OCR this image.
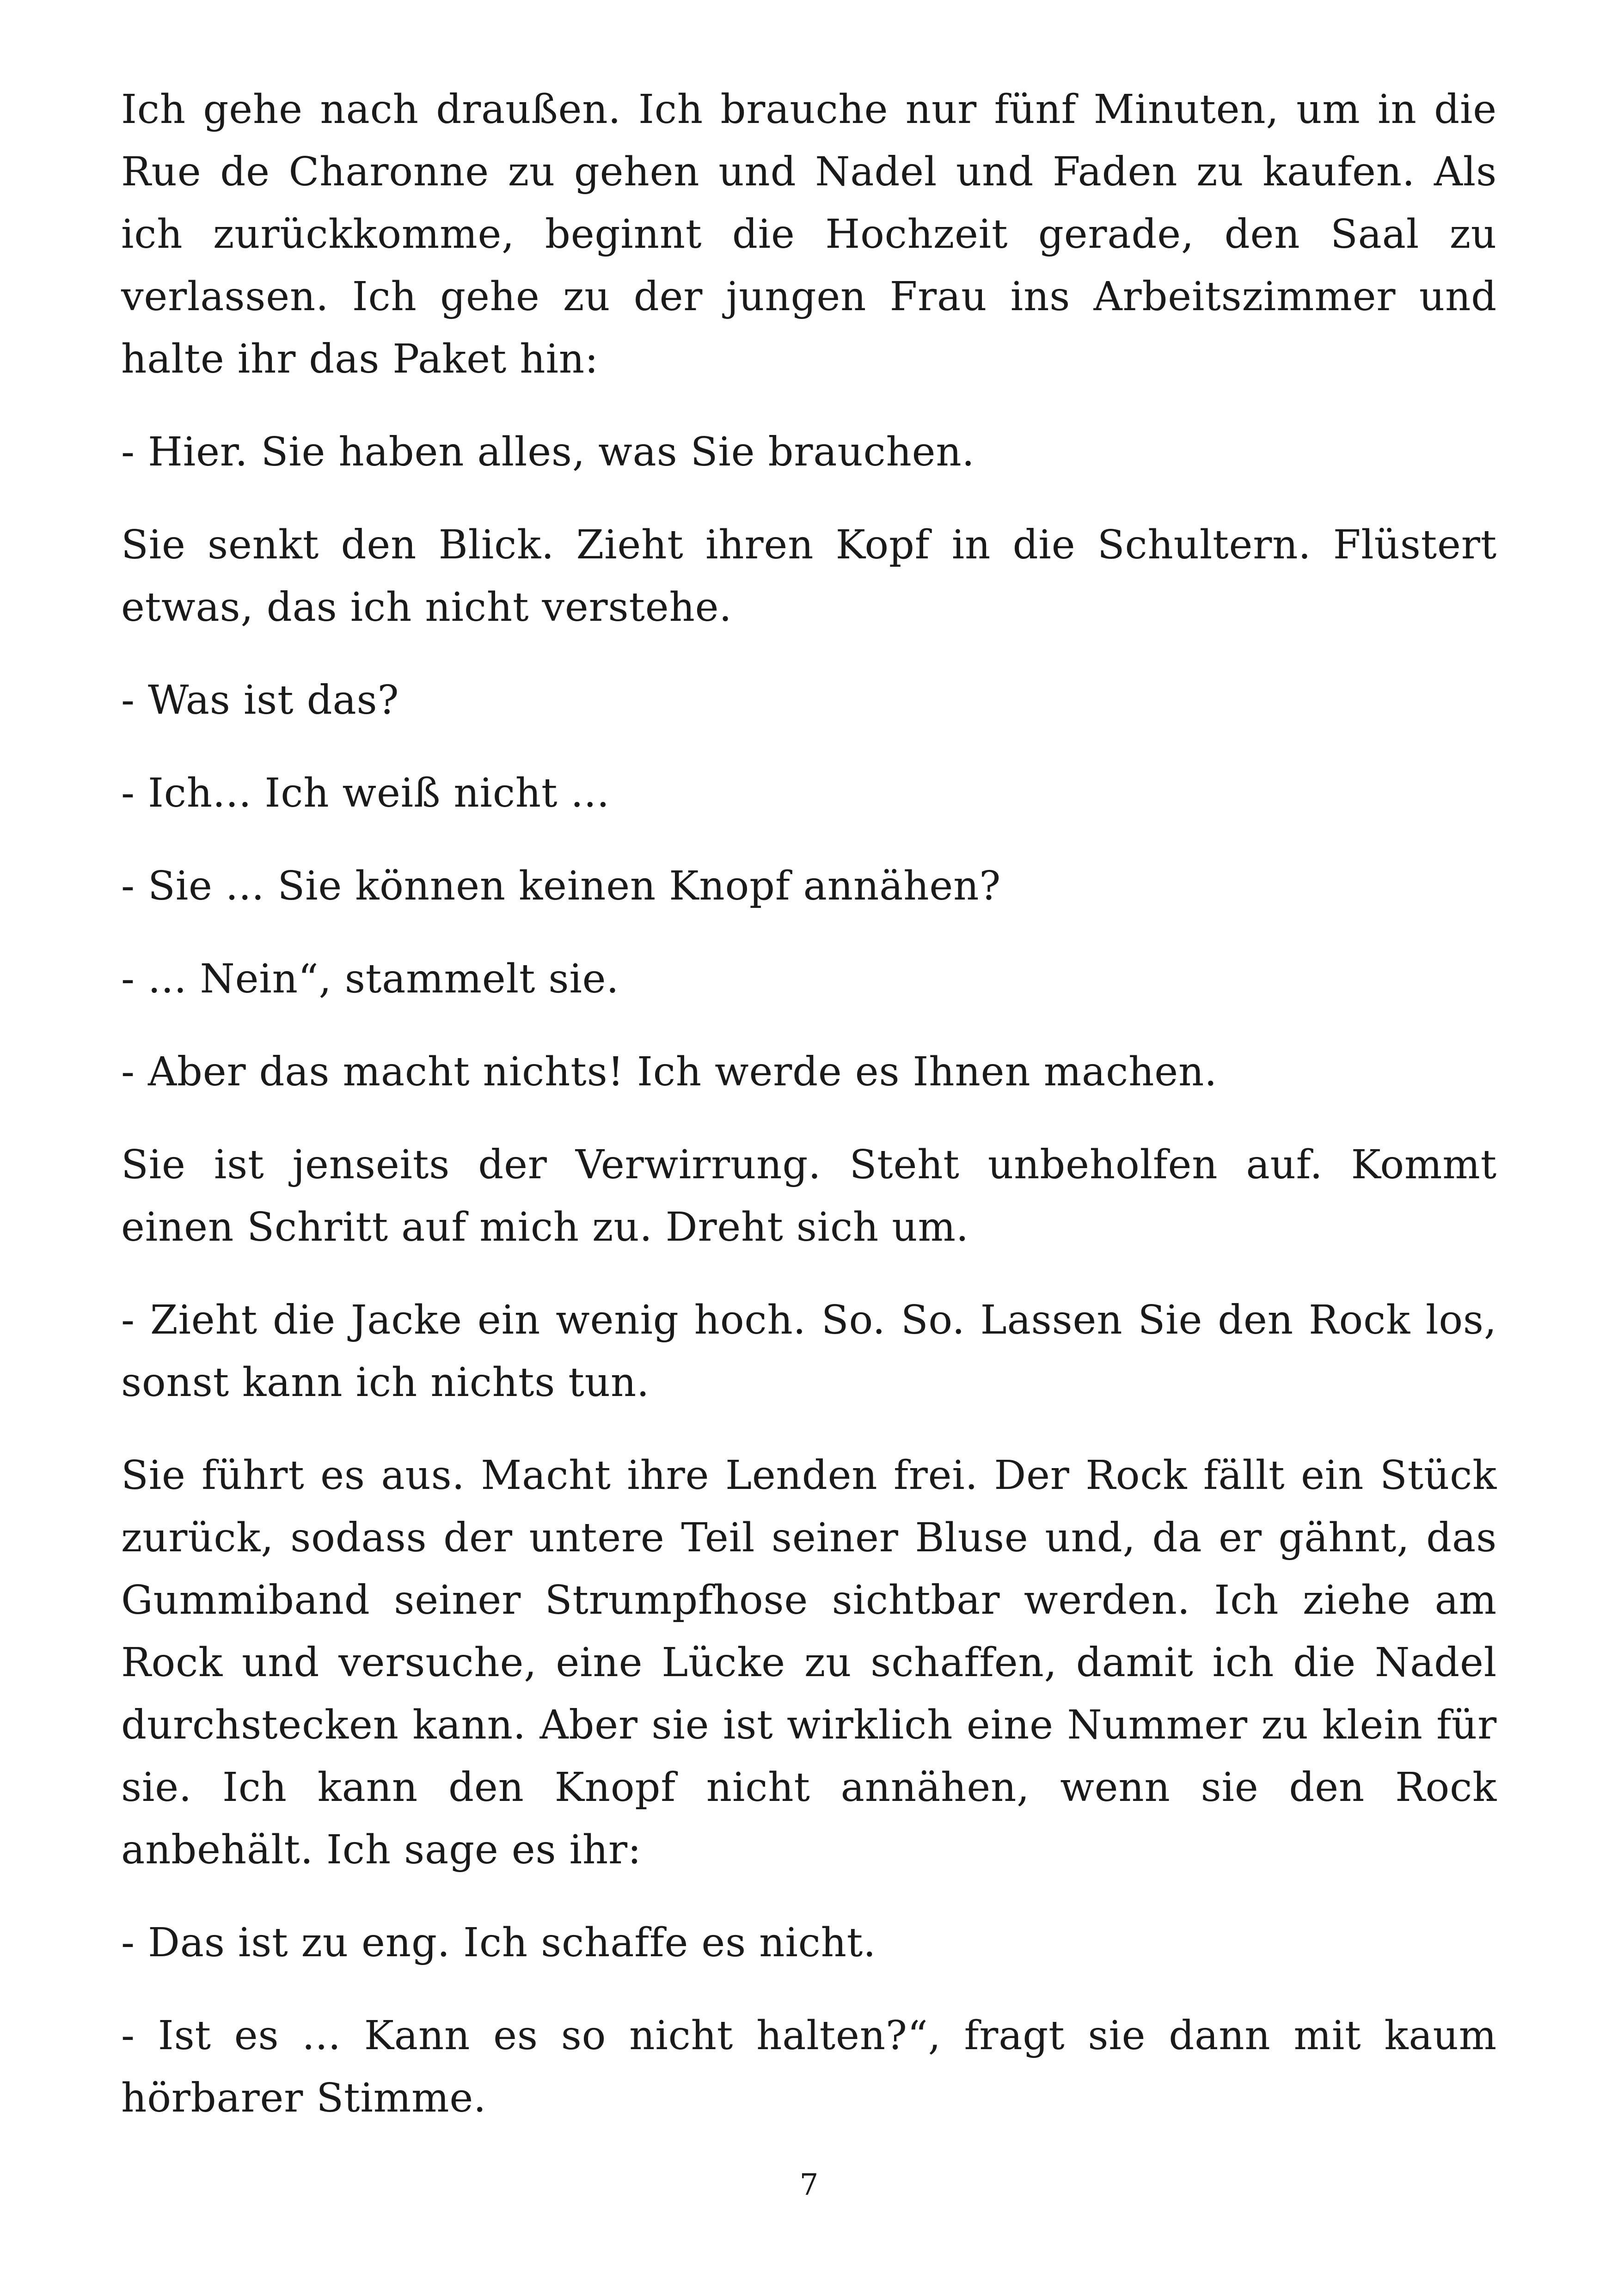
Ich gehe nach draußen. Ich brauche nur fünf Minuten, um in die Rue de Charonne zu gehen und Nadel und Faden zu kaufen. Als ich zurückkomme, beginnt die Hochzeit gerade, den Saal zu verlassen. Ich gehe zu der jungen Frau ins Arbeitszimmer und halte ihr das Paket hin:

- Hier. Sie haben alles, was Sie brauchen.

Sie senkt den Blick. Zieht ihren Kopf in die Schultern. Flüstert etwas, das ich nicht verstehe.

- Was ist das?

- Ich... Ich weiß nicht ...

- Sie ... Sie können keinen Knopf annähen?

- ... Nein“, stammelt sie.

- Aber das macht nichts! Ich werde es Ihnen machen.

Sie ist jenseits der Verwirrung. Steht unbeholfen auf. Kommt einen Schritt auf mich zu. Dreht sich um.

- Zieht die Jacke ein wenig hoch. So. So. Lassen Sie den Rock los, sonst kann ich nichts tun.

Sie führt es aus. Macht ihre Lenden frei. Der Rock fällt ein Stück zurück, sodass der untere Teil seiner Bluse und, da er gähnt, das Gummiband seiner Strumpfhose sichtbar werden. Ich ziehe am Rock und versuche, eine Lücke zu schaffen, damit ich die Nadel durchstecken kann. Aber sie ist wirklich eine Nummer zu klein für sie. Ich kann den Knopf nicht annähen, wenn sie den Rock anbehält. Ich sage es ihr:

- Das ist zu eng. Ich schaffe es nicht.

- Ist es ... Kann es so nicht halten?“, fragt sie dann mit kaum hörbarer Stimme.

7
